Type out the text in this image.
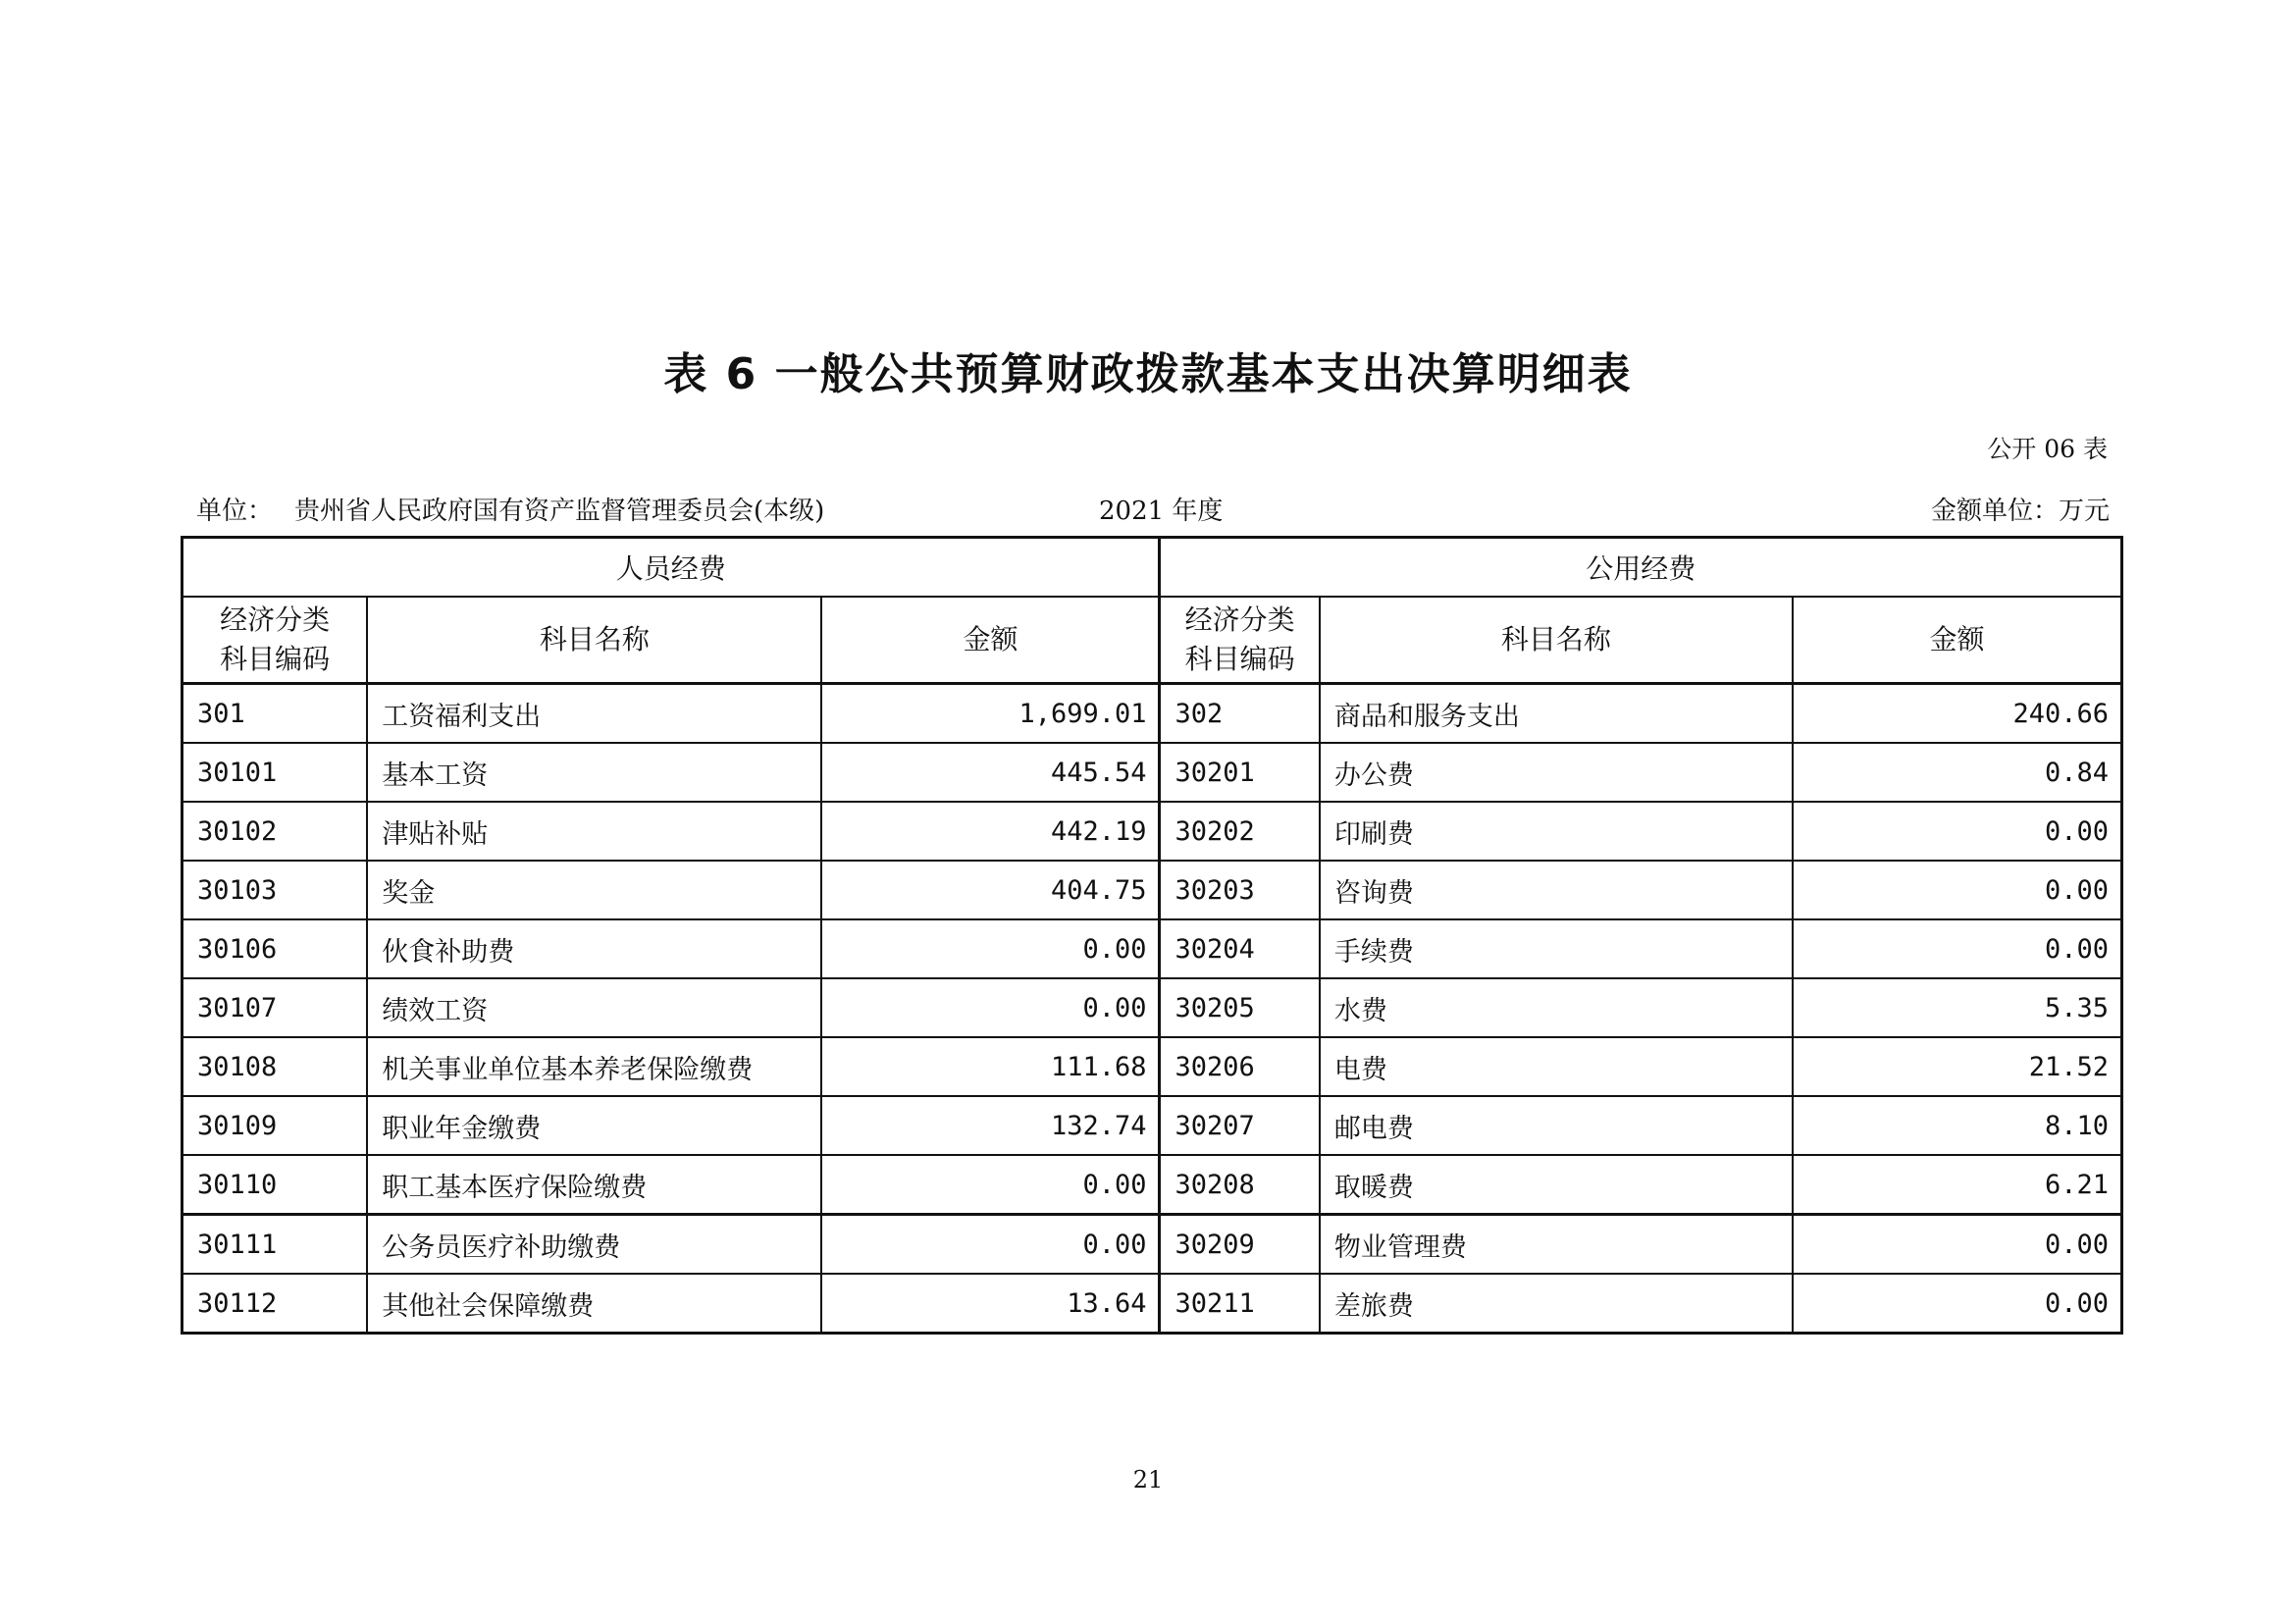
表 6 一般公共预算财政拨款基本支出决算明细表
公开 06 表
单位： 贵州省人民政府国有资产监督管理委员会(本级)	2021 年度	金额单位：万元
人员经费			公用经费		
经济分类
科目编码	科目名称	金额	经济分类
科目编码	科目名称	金额
301	工资福利支出	1,699.01	302	商品和服务支出	240.66
30101	基本工资	445.54	30201	办公费	0.84
30102	津贴补贴	442.19	30202	印刷费	0.00
30103	奖金	404.75	30203	咨询费	0.00
30106	伙食补助费	0.00	30204	手续费	0.00
30107	绩效工资	0.00	30205	水费	5.35
30108	机关事业单位基本养老保险缴费	111.68	30206	电费	21.52
30109	职业年金缴费	132.74	30207	邮电费	8.10
30110	职工基本医疗保险缴费	0.00	30208	取暖费	6.21
30111	公务员医疗补助缴费	0.00	30209	物业管理费	0.00
30112	其他社会保障缴费	13.64	30211	差旅费	0.00
21
